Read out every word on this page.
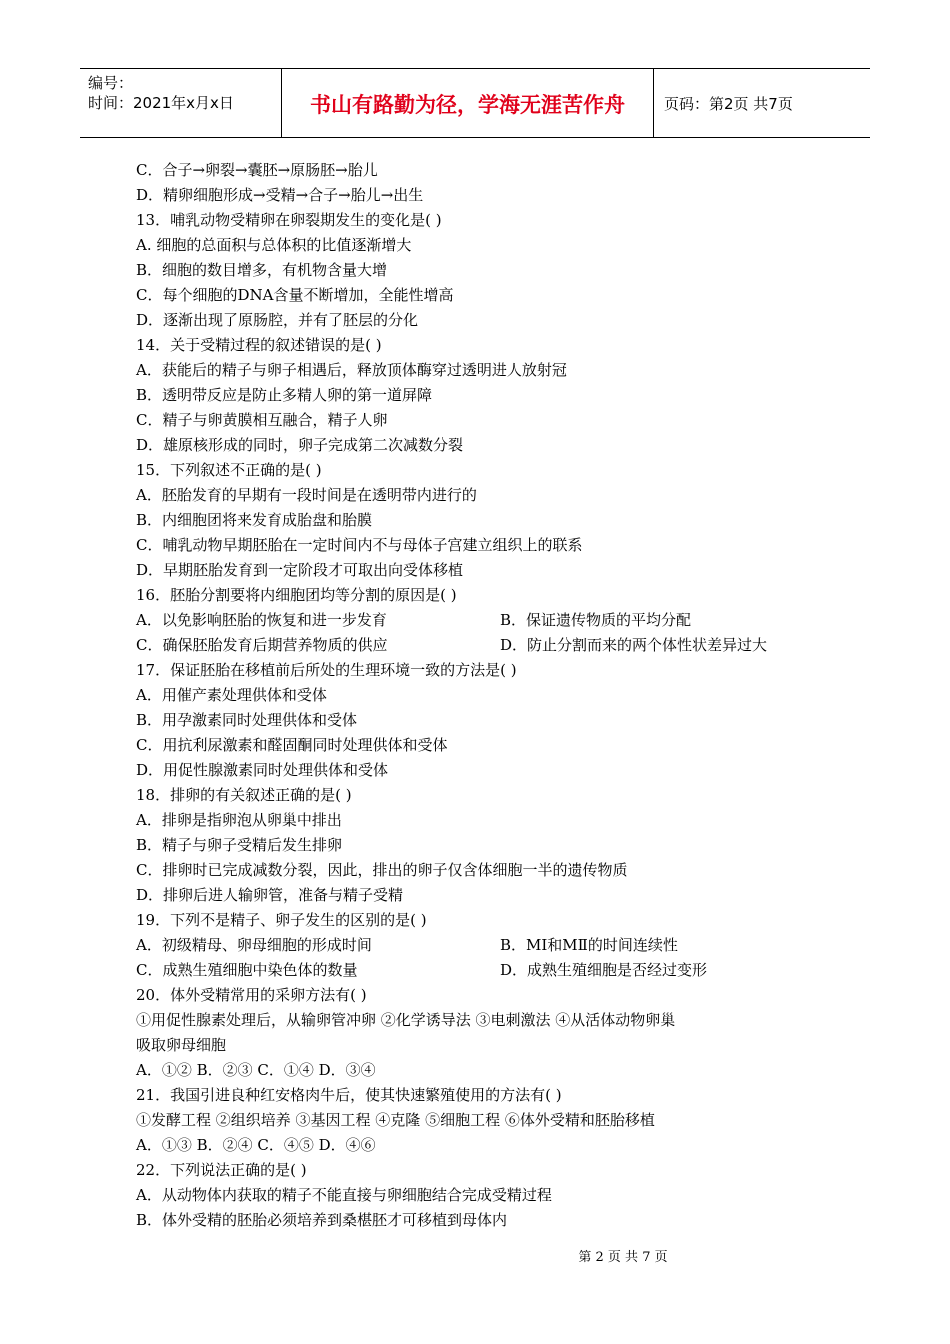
编号：
时间：2021年x月x日	书山有路勤为径，学海无涯苦作舟	页码：第2页 共7页
C．合子→卵裂→囊胚→原肠胚→胎儿
D．精卵细胞形成→受精→合子→胎儿→出生
13．哺乳动物受精卵在卵裂期发生的变化是( )
A. 细胞的总面积与总体积的比值逐渐增大
B．细胞的数目增多，有机物含量大增
C．每个细胞的DNA含量不断增加，全能性增高
D．逐渐出现了原肠腔，并有了胚层的分化
14．关于受精过程的叙述错误的是( )
A．获能后的精子与卵子相遇后，释放顶体酶穿过透明进人放射冠
B．透明带反应是防止多精人卵的第一道屏障
C．精子与卵黄膜相互融合，精子人卵
D．雄原核形成的同时，卵子完成第二次减数分裂
15．下列叙述不正确的是( )
A．胚胎发育的早期有一段时间是在透明带内进行的
B．内细胞团将来发育成胎盘和胎膜
C．哺乳动物早期胚胎在一定时间内不与母体子宫建立组织上的联系
D．早期胚胎发育到一定阶段才可取出向受体移植
16．胚胎分割要将内细胞团均等分割的原因是( )
A．以免影响胚胎的恢复和进一步发育	B．保证遗传物质的平均分配
C．确保胚胎发育后期营养物质的供应	D．防止分割而来的两个体性状差异过大
17．保证胚胎在移植前后所处的生理环境一致的方法是( )
A．用催产素处理供体和受体
B．用孕激素同时处理供体和受体
C．用抗利尿激素和醛固酮同时处理供体和受体
D．用促性腺激素同时处理供体和受体
18．排卵的有关叙述正确的是( )
A．排卵是指卵泡从卵巢中排出
B．精子与卵子受精后发生排卵
C．排卵时已完成减数分裂，因此，排出的卵子仅含体细胞一半的遗传物质
D．排卵后进人输卵管，准备与精子受精
19．下列不是精子、卵子发生的区别的是( )
A．初级精母、卵母细胞的形成时间	B．MⅠ和MⅡ的时间连续性
C．成熟生殖细胞中染色体的数量	D．成熟生殖细胞是否经过变形
20．体外受精常用的采卵方法有( )
①用促性腺素处理后，从输卵管冲卵 ②化学诱导法 ③电刺激法 ④从活体动物卵巢
吸取卵母细胞
A．①② B．②③ C．①④ D．③④
21．我国引进良种红安格肉牛后，使其快速繁殖使用的方法有( )
①发酵工程 ②组织培养 ③基因工程 ④克隆 ⑤细胞工程 ⑥体外受精和胚胎移植
A．①③ B．②④ C．④⑤ D．④⑥
22．下列说法正确的是( )
A．从动物体内获取的精子不能直接与卵细胞结合完成受精过程
B．体外受精的胚胎必须培养到桑椹胚才可移植到母体内
第 2 页 共 7 页
